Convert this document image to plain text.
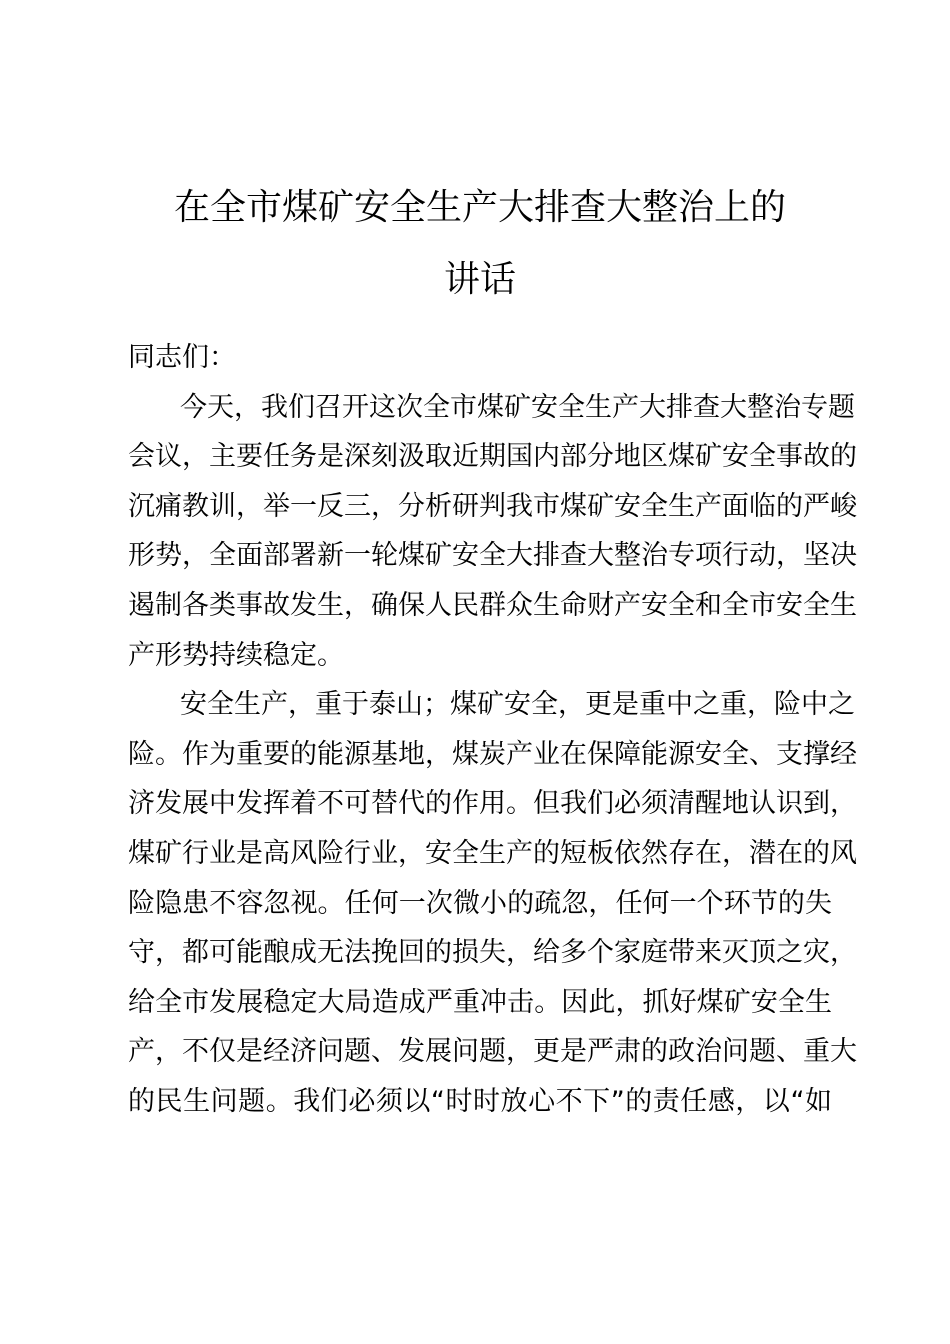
在全市煤矿安全生产大排查大整治上的
讲话
同志们：
今天，我们召开这次全市煤矿安全生产大排查大整治专题
会议，主要任务是深刻汲取近期国内部分地区煤矿安全事故的
沉痛教训，举一反三，分析研判我市煤矿安全生产面临的严峻
形势，全面部署新一轮煤矿安全大排查大整治专项行动，坚决
遏制各类事故发生，确保人民群众生命财产安全和全市安全生
产形势持续稳定。
安全生产，重于泰山；煤矿安全，更是重中之重，险中之
险。作为重要的能源基地，煤炭产业在保障能源安全、支撑经
济发展中发挥着不可替代的作用。但我们必须清醒地认识到，
煤矿行业是高风险行业，安全生产的短板依然存在，潜在的风
险隐患不容忽视。任何一次微小的疏忽，任何一个环节的失
守，都可能酿成无法挽回的损失，给多个家庭带来灭顶之灾，
给全市发展稳定大局造成严重冲击。因此，抓好煤矿安全生
产，不仅是经济问题、发展问题，更是严肃的政治问题、重大
的民生问题。我们必须以“时时放心不下”的责任感，以“如
